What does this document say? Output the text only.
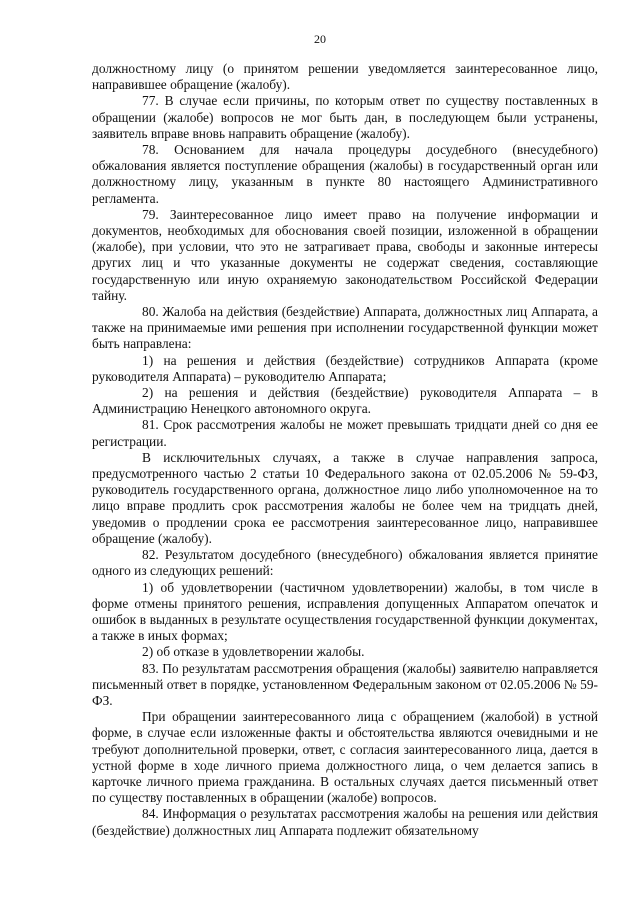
20

должностному лицу (о принятом решении уведомляется заинтересованное лицо, направившее обращение (жалобу).

77. В случае если причины, по которым ответ по существу поставленных в обращении (жалобе) вопросов не мог быть дан, в последующем были устранены, заявитель вправе вновь направить обращение (жалобу).

78. Основанием для начала процедуры досудебного (внесудебного) обжалования является поступление обращения (жалобы) в государственный орган или должностному лицу, указанным в пункте 80 настоящего Административного регламента.

79. Заинтересованное лицо имеет право на получение информации и документов, необходимых для обоснования своей позиции, изложенной в обращении (жалобе), при условии, что это не затрагивает права, свободы и законные интересы других лиц и что указанные документы не содержат сведения, составляющие государственную или иную охраняемую законодательством Российской Федерации тайну.

80. Жалоба на действия (бездействие) Аппарата, должностных лиц Аппарата, а также на принимаемые ими решения при исполнении государственной функции может быть направлена:

1) на решения и действия (бездействие) сотрудников Аппарата (кроме руководителя Аппарата) – руководителю Аппарата;

2) на решения и действия (бездействие) руководителя Аппарата – в Администрацию Ненецкого автономного округа.

81. Срок рассмотрения жалобы не может превышать тридцати дней со дня ее регистрации.

В исключительных случаях, а также в случае направления запроса, предусмотренного частью 2 статьи 10 Федерального закона от 02.05.2006 № 59-ФЗ, руководитель государственного органа, должностное лицо либо уполномоченное на то лицо вправе продлить срок рассмотрения жалобы не более чем на тридцать дней, уведомив о продлении срока ее рассмотрения заинтересованное лицо, направившее обращение (жалобу).

82. Результатом досудебного (внесудебного) обжалования является принятие одного из следующих решений:

1) об удовлетворении (частичном удовлетворении) жалобы, в том числе в форме отмены принятого решения, исправления допущенных Аппаратом опечаток и ошибок в выданных в результате осуществления государственной функции документах, а также в иных формах;

2) об отказе в удовлетворении жалобы.

83. По результатам рассмотрения обращения (жалобы) заявителю направляется письменный ответ в порядке, установленном Федеральным законом от 02.05.2006 № 59-ФЗ.

При обращении заинтересованного лица с обращением (жалобой) в устной форме, в случае если изложенные факты и обстоятельства являются очевидными и не требуют дополнительной проверки, ответ, с согласия заинтересованного лица, дается в устной форме в ходе личного приема должностного лица, о чем делается запись в карточке личного приема гражданина. В остальных случаях дается письменный ответ по существу поставленных в обращении (жалобе) вопросов.

84. Информация о результатах рассмотрения жалобы на решения или действия (бездействие) должностных лиц Аппарата подлежит обязательному
